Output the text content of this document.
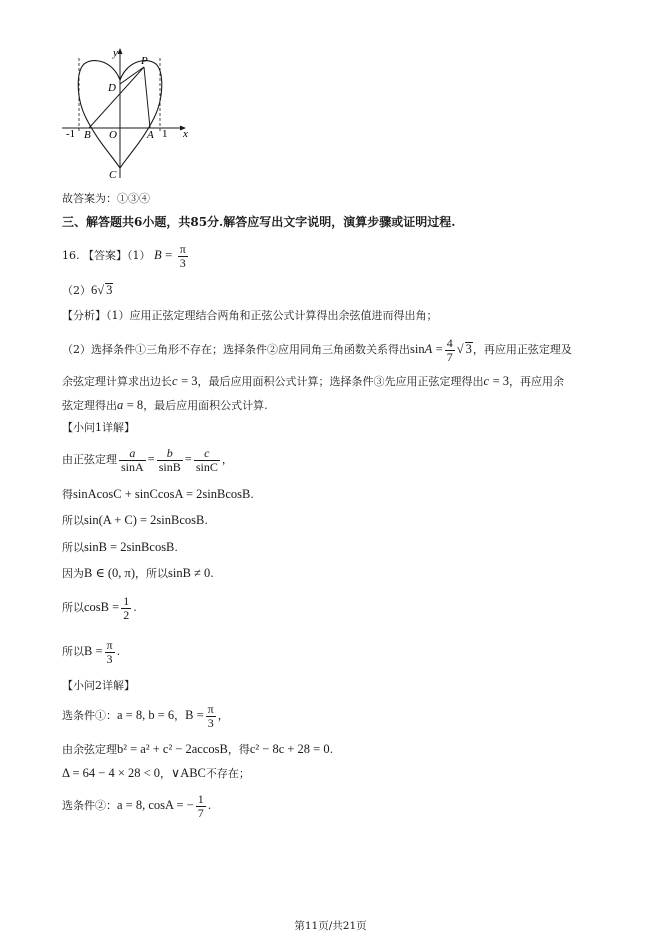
y
x
P
D
B O	A
C
-1	1
故答案为：①③④
三、解答题共6小题，共85分.解答应写出文字说明，演算步骤或证明过程.
16. 【答案】（1） $B = \frac{\pi}{3}$
（2）6√ 3
【分析】（1）应用正弦定理结合两角和正弦公式计算得出余弦值进而得出角；
（2）选择条件①三角形不存在；选择条件②应用同角三角函数关系得出$\sin A = \frac{4}{7}$ √ 3，再应用正弦定理及
余弦定理计算求出边长c = 3，最后应用面积公式计算；选择条件③先应用正弦定理得出c = 3，再应用余
弦定理得出a = 8，最后应用面积公式计算.
【小问1详解】
由正弦定理 $\frac{a}{\sin A} = \frac{b}{\sin B} = \frac{c}{\sin C}$ ，
得sinAcosC + sinCcosA = 2sinBcosB.
所以sin(A + C) = 2sinBcosB.
所以sinB = 2sinBcosB.
因为B ∈ (0, π)，所以sinB ≠ 0.
所以$\cos B = \frac{1}{2}$ .
所以$B = \frac{\pi}{3}$ .
【小问2详解】
选条件①：a = 8, b = 6，$B = \frac{\pi}{3}$ ，
由余弦定理b² = a² + c² − 2accosB，得c² − 8c + 28 = 0.
Δ = 64 − 4 × 28 < 0，∨ABC不存在；
选条件②：a = 8, cosA = − $\frac{1}{7}$ .
第11页/共21页
